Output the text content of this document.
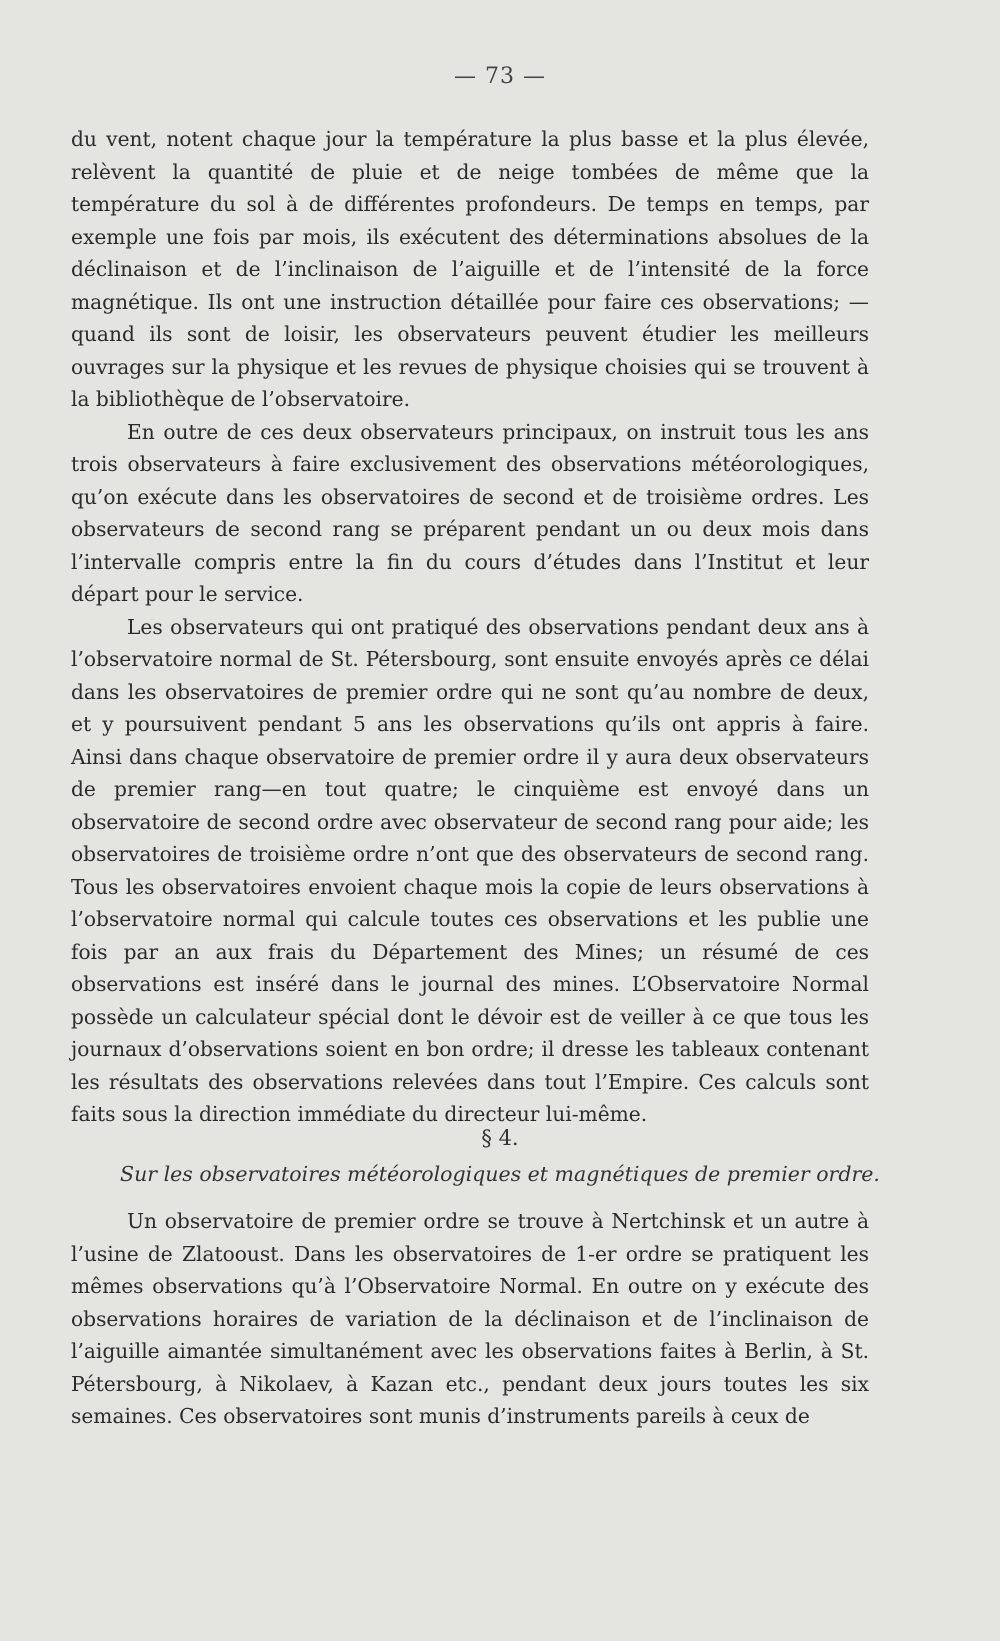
— 73 —

du vent, notent chaque jour la température la plus basse et la plus élevée, relèvent la quantité de pluie et de neige tombées de même que la température du sol à de différentes profondeurs. De temps en temps, par exemple une fois par mois, ils exécutent des déterminations absolues de la déclinaison et de l’inclinaison de l’aiguille et de l’intensité de la force magnétique. Ils ont une instruction détaillée pour faire ces observations; — quand ils sont de loisir, les observateurs peuvent étudier les meilleurs ouvrages sur la physique et les revues de physique choisies qui se trouvent à la bibliothèque de l’observatoire.

En outre de ces deux observateurs principaux, on instruit tous les ans trois observateurs à faire exclusivement des observations météorologiques, qu’on exécute dans les observatoires de second et de troisième ordres. Les observateurs de second rang se préparent pendant un ou deux mois dans l’intervalle compris entre la fin du cours d’études dans l’Institut et leur départ pour le service.

Les observateurs qui ont pratiqué des observations pendant deux ans à l’observatoire normal de St. Pétersbourg, sont ensuite envoyés après ce délai dans les observatoires de premier ordre qui ne sont qu’au nombre de deux, et y poursuivent pendant 5 ans les observations qu’ils ont appris à faire. Ainsi dans chaque observatoire de premier ordre il y aura deux observateurs de premier rang—en tout quatre; le cinquième est envoyé dans un observatoire de second ordre avec observateur de second rang pour aide; les observatoires de troisième ordre n’ont que des observateurs de second rang. Tous les observatoires envoient chaque mois la copie de leurs observations à l’observatoire normal qui calcule toutes ces observations et les publie une fois par an aux frais du Département des Mines; un résumé de ces observations est inséré dans le journal des mines. L’Observatoire Normal possède un calculateur spécial dont le dévoir est de veiller à ce que tous les journaux d’observations soient en bon ordre; il dresse les tableaux contenant les résultats des observations relevées dans tout l’Empire. Ces calculs sont faits sous la direction immédiate du directeur lui-même.

§ 4.
Sur les observatoires météorologiques et magnétiques de premier ordre.

Un observatoire de premier ordre se trouve à Nertchinsk et un autre à l’usine de Zlatooust. Dans les observatoires de 1-er ordre se pratiquent les mêmes observations qu’à l’Observatoire Normal. En outre on y exécute des observations horaires de variation de la déclinaison et de l’inclinaison de l’aiguille aimantée simultanément avec les observations faites à Berlin, à St. Pétersbourg, à Nikolaev, à Kazan etc., pendant deux jours toutes les six semaines. Ces observatoires sont munis d’instruments pareils à ceux de
